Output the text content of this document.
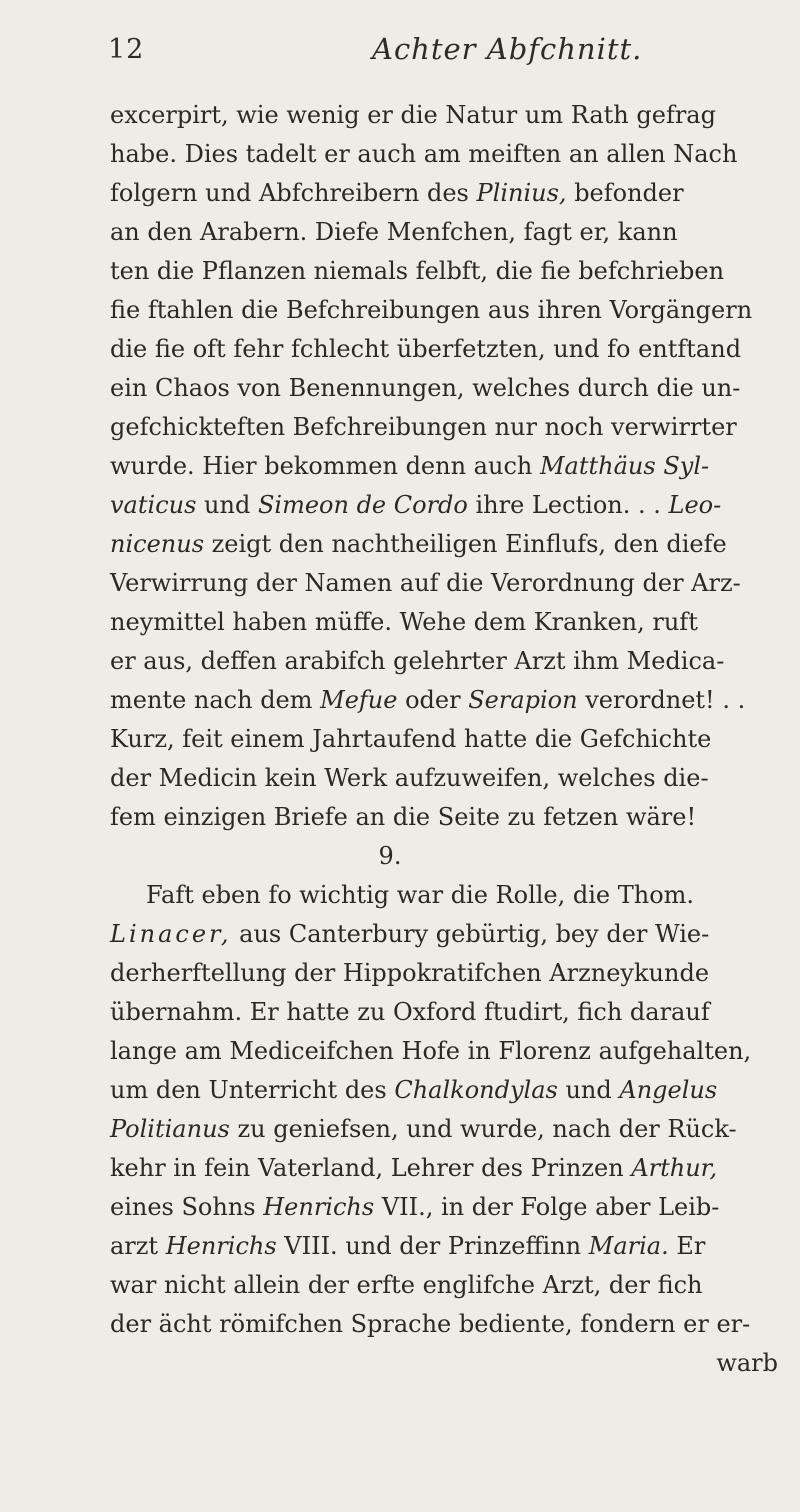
12	Achter Abfchnitt.
excerpirt, wie wenig er die Natur um Rath gefrag
habe. Dies tadelt er auch am meiften an allen Nach
folgern und Abfchreibern des Plinius, befonder
an den Arabern. Diefe Menfchen, fagt er, kann
ten die Pflanzen niemals felbft, die fie befchrieben
fie ftahlen die Befchreibungen aus ihren Vorgängern
die fie oft fehr fchlecht überfetzten, und fo entftand
ein Chaos von Benennungen, welches durch die un-
gefchickteften Befchreibungen nur noch verwirrter
wurde. Hier bekommen denn auch Matthäus Syl-
vaticus und Simeon de Cordo ihre Lection. . . Leo-
nicenus zeigt den nachtheiligen Einflufs, den diefe
Verwirrung der Namen auf die Verordnung der Arz-
neymittel haben müffe. Wehe dem Kranken, ruft
er aus, deffen arabifch gelehrter Arzt ihm Medica-
mente nach dem Mefue oder Serapion verordnet! . .
Kurz, feit einem Jahrtaufend hatte die Gefchichte
der Medicin kein Werk aufzuweifen, welches die-
fem einzigen Briefe an die Seite zu fetzen wäre!
9.
Faft eben fo wichtig war die Rolle, die Thom.
Linacer, aus Canterbury gebürtig, bey der Wie-
derherftellung der Hippokratifchen Arzneykunde
übernahm. Er hatte zu Oxford ftudirt, fich darauf
lange am Mediceifchen Hofe in Florenz aufgehalten,
um den Unterricht des Chalkondylas und Angelus
Politianus zu geniefsen, und wurde, nach der Rück-
kehr in fein Vaterland, Lehrer des Prinzen Arthur,
eines Sohns Henrichs VII., in der Folge aber Leib-
arzt Henrichs VIII. und der Prinzeffinn Maria. Er
war nicht allein der erfte englifche Arzt, der fich
der ächt römifchen Sprache bediente, fondern er er-
warb
